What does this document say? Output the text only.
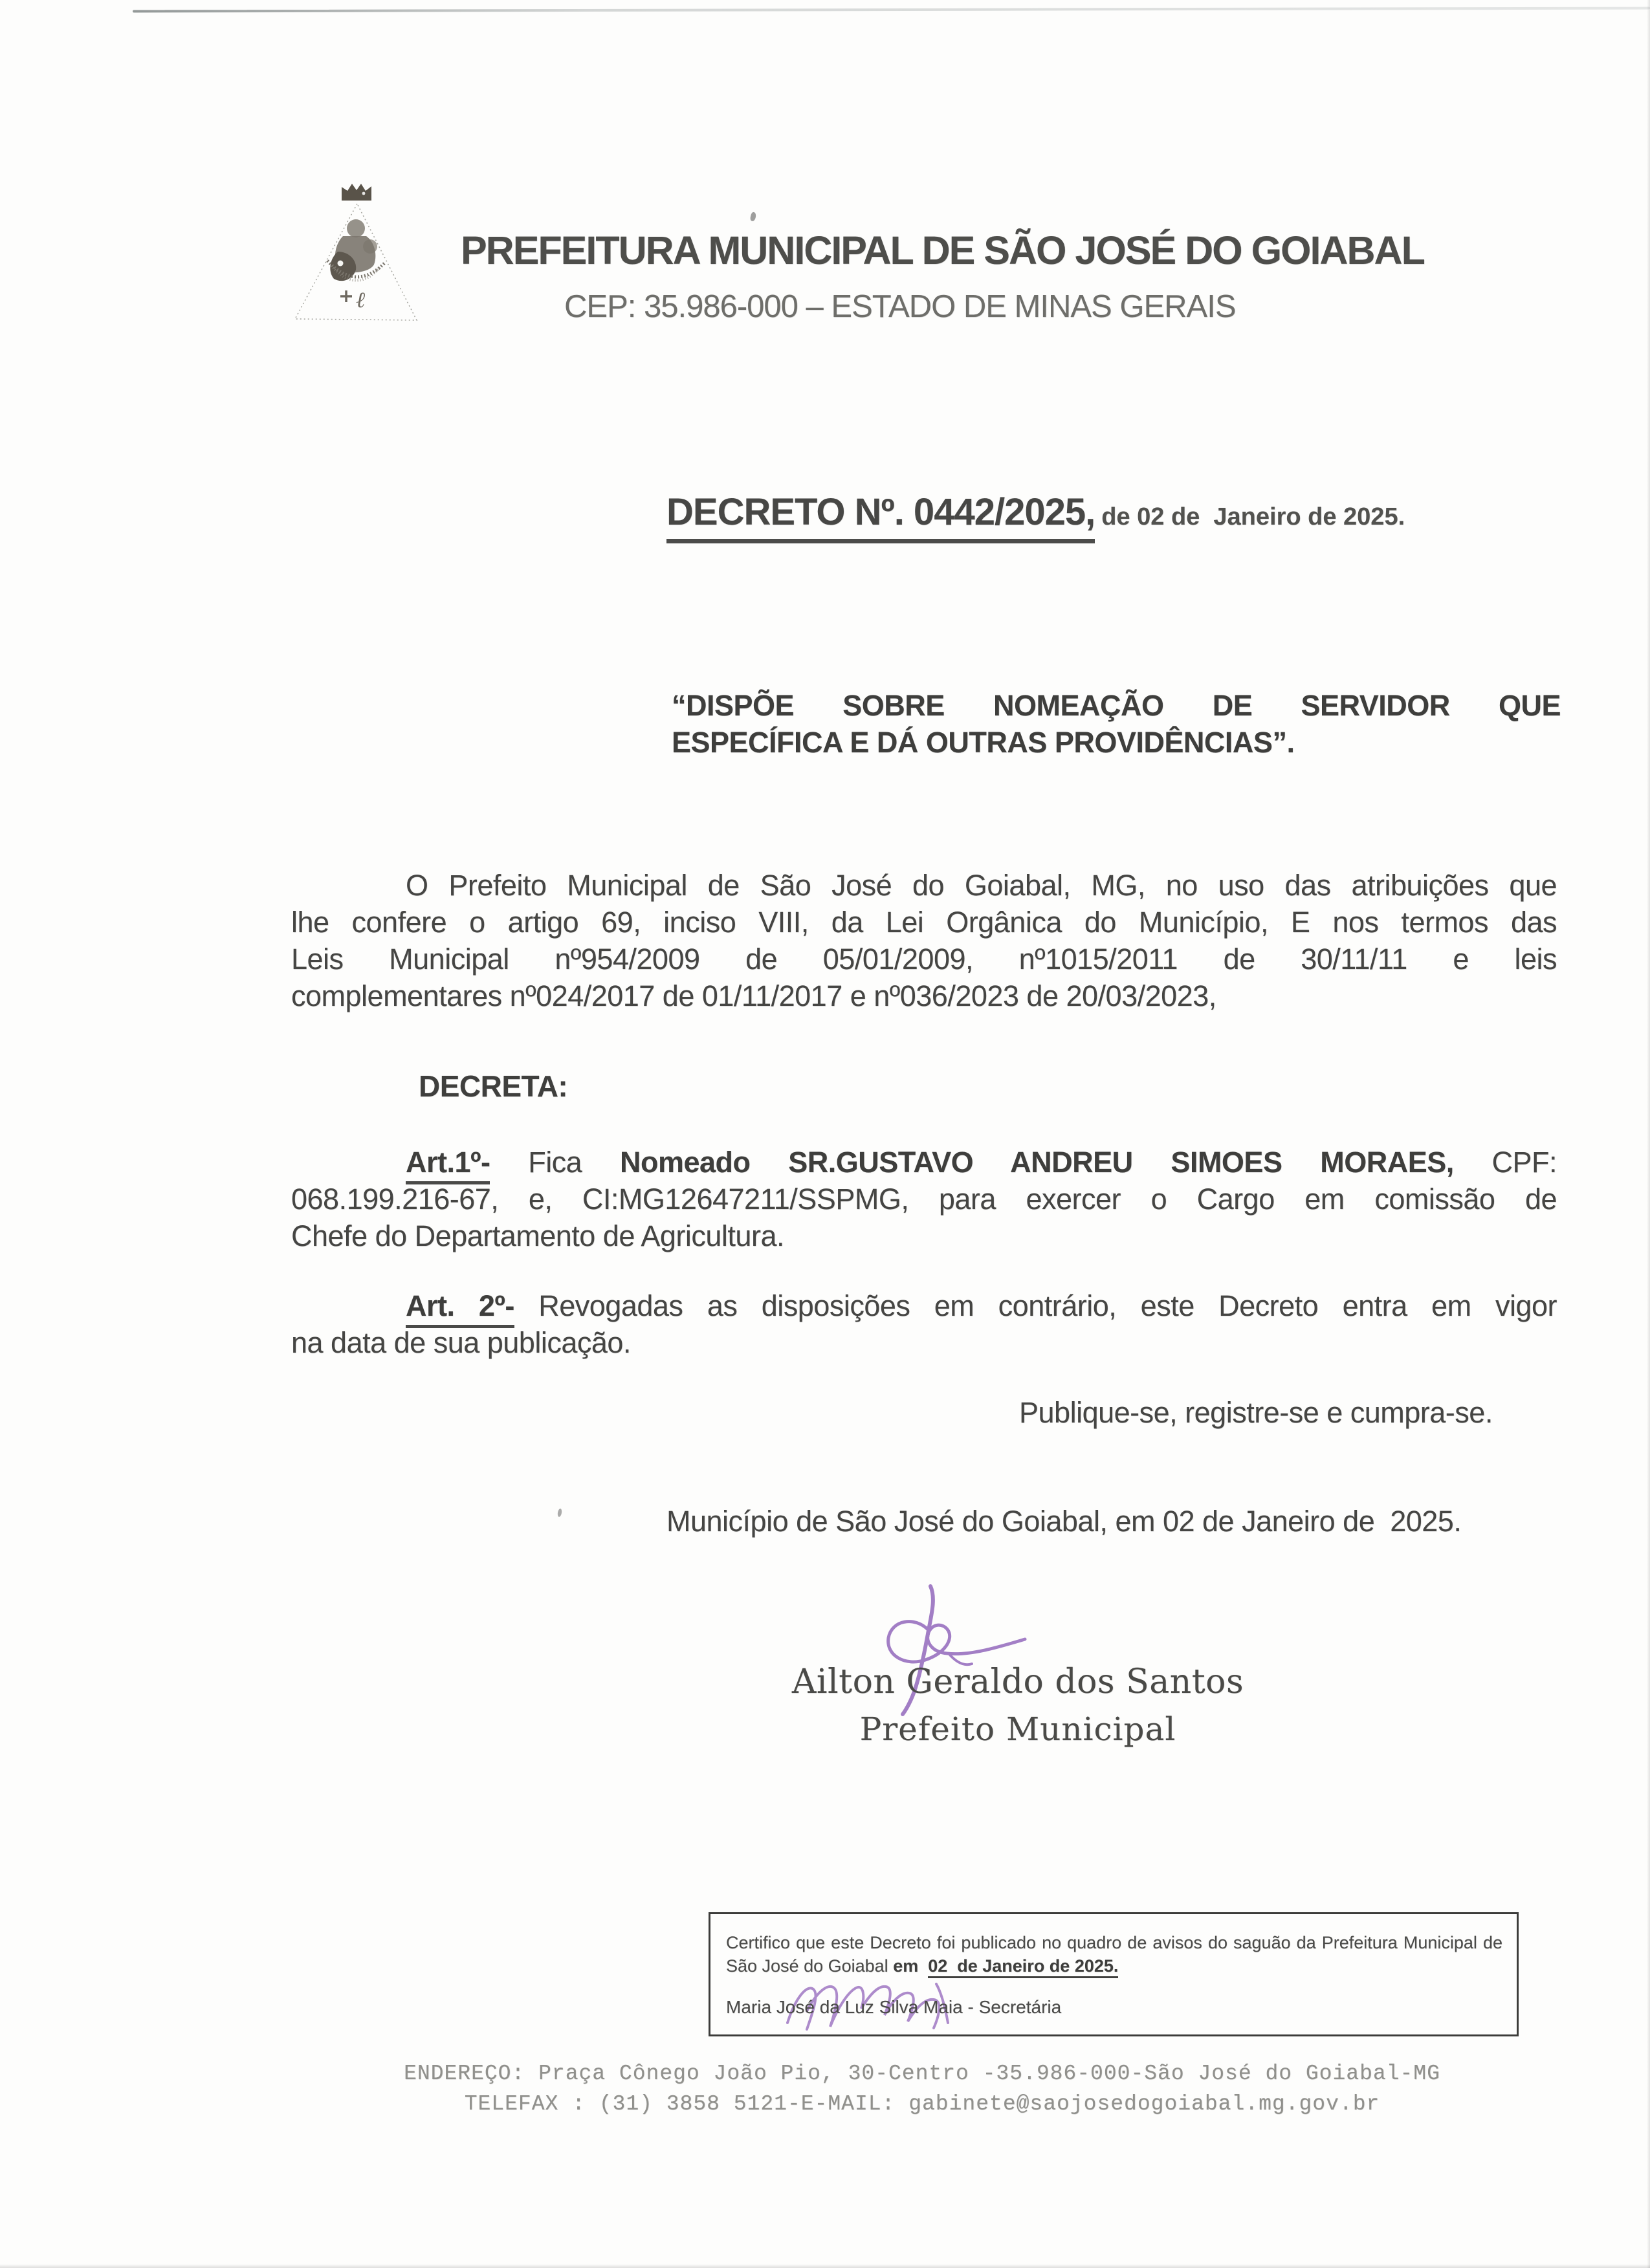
ℓ
PREFEITURA MUNICIPAL DE SÃO JOSÉ DO GOIABAL
CEP: 35.986-000 – ESTADO DE MINAS GERAIS
DECRETO Nº. 0442/2025, de 02 de  Janeiro de 2025.
“DISPÕE SOBRE NOMEAÇÃO DE SERVIDOR QUE
ESPECÍFICA E DÁ OUTRAS PROVIDÊNCIAS”.
O Prefeito Municipal de São José do Goiabal, MG, no uso das atribuições que
lhe confere o artigo 69, inciso VIII, da Lei Orgânica do Município, E nos termos das
Leis Municipal nº954/2009 de 05/01/2009, nº1015/2011 de 30/11/11 e leis
complementares nº024/2017 de 01/11/2017 e nº036/2023 de 20/03/2023,
DECRETA:
Art.1º- Fica Nomeado SR.GUSTAVO ANDREU SIMOES MORAES, CPF:
068.199.216-67, e, CI:MG12647211/SSPMG, para exercer o Cargo em comissão de
Chefe do Departamento de Agricultura.
Art. 2º- Revogadas as disposições em contrário, este Decreto entra em vigor
na data de sua publicação.
Publique-se, registre-se e cumpra-se.
Município de São José do Goiabal, em 02 de Janeiro de  2025.
Ailton Geraldo dos Santos
Prefeito Municipal
Certifico que este Decreto foi publicado no quadro de avisos do saguão da Prefeitura Municipal de
São José do Goiabal em  02  de Janeiro de 2025.
Maria José da Luz Silva Maia - Secretária
ENDEREÇO: Praça Cônego João Pio, 30-Centro -35.986-000-São José do Goiabal-MG
TELEFAX : (31) 3858 5121-E-MAIL: gabinete@saojosedogoiabal.mg.gov.br
